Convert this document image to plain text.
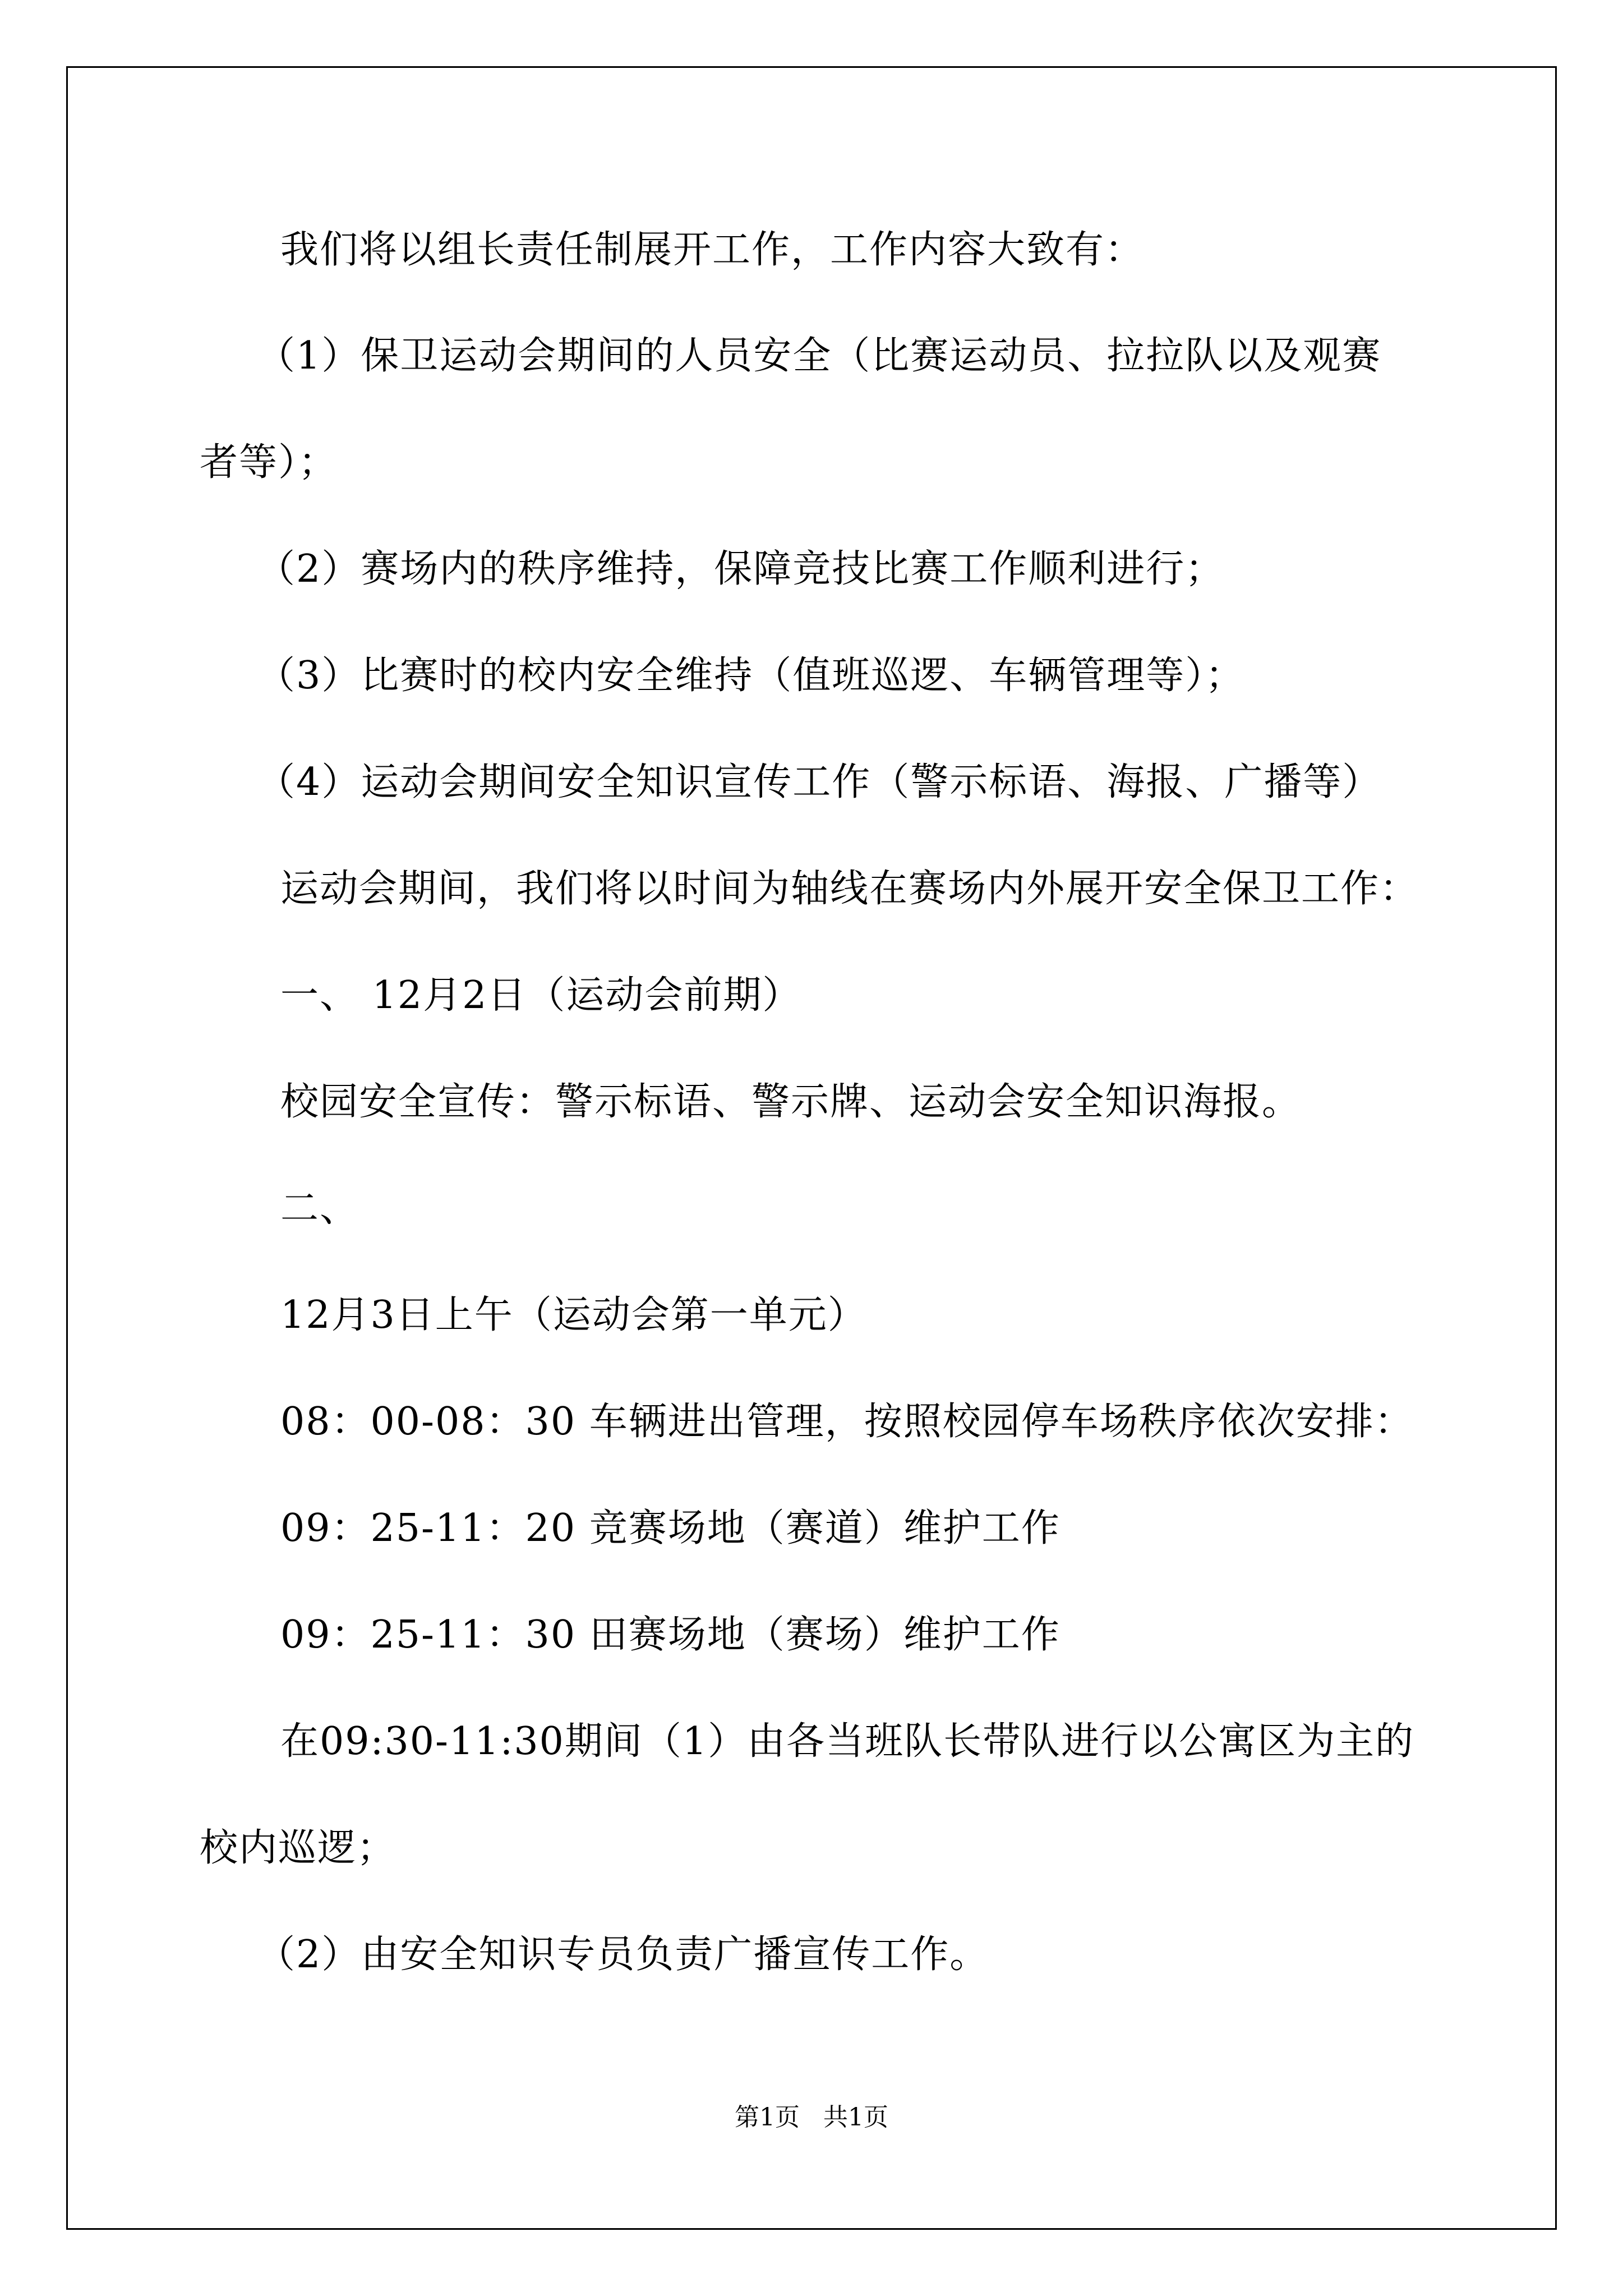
我们将以组长责任制展开工作，工作内容大致有：
（1）保卫运动会期间的人员安全（比赛运动员、拉拉队以及观赛
者等）；
（2）赛场内的秩序维持，保障竞技比赛工作顺利进行；
（3）比赛时的校内安全维持（值班巡逻、车辆管理等）；
（4）运动会期间安全知识宣传工作（警示标语、海报、广播等）
运动会期间，我们将以时间为轴线在赛场内外展开安全保卫工作：
一、 12月2日（运动会前期）
校园安全宣传：警示标语、警示牌、运动会安全知识海报。
二、
12月3日上午（运动会第一单元）
08：00-08：30 车辆进出管理，按照校园停车场秩序依次安排：
09：25-11：20 竞赛场地（赛道）维护工作
09：25-11：30 田赛场地（赛场）维护工作
在09:30-11:30期间（1）由各当班队长带队进行以公寓区为主的
校内巡逻；
（2）由安全知识专员负责广播宣传工作。
第1页   共1页
